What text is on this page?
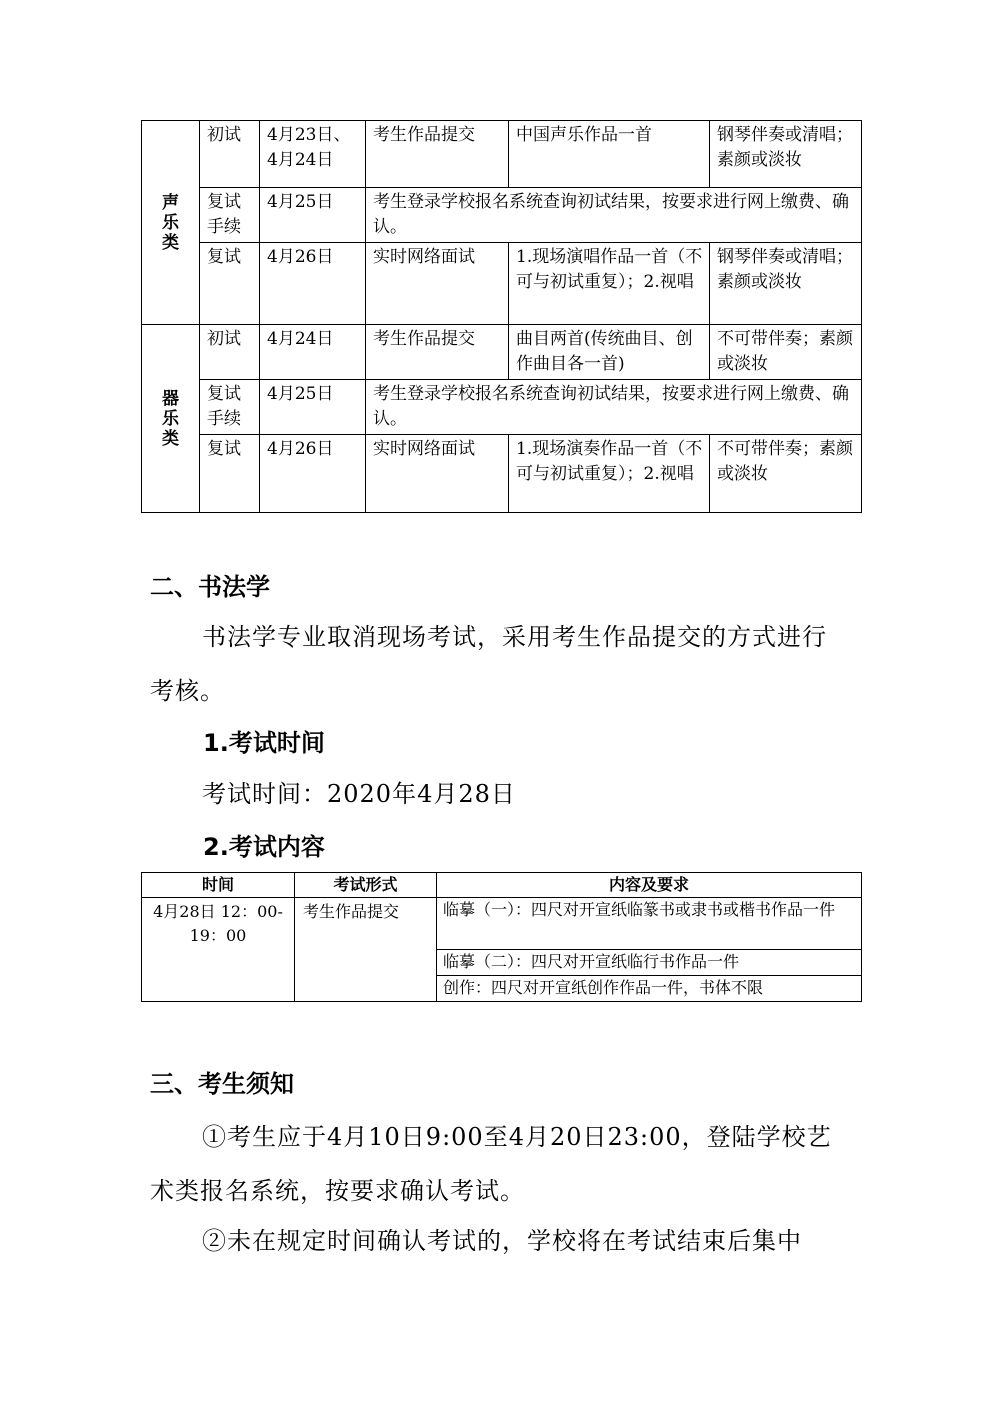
声乐类	初试	4月23日、4月24日	考生作品提交	中国声乐作品一首	钢琴伴奏或清唱；素颜或淡妆
	复试手续	4月25日	考生登录学校报名系统查询初试结果，按要求进行网上缴费、确认。		
	复试	4月26日	实时网络面试	1.现场演唱作品一首（不可与初试重复）；2.视唱	钢琴伴奏或清唱；素颜或淡妆
器乐类	初试	4月24日	考生作品提交	曲目两首(传统曲目、创作曲目各一首)	不可带伴奏；素颜或淡妆
	复试手续	4月25日	考生登录学校报名系统查询初试结果，按要求进行网上缴费、确认。		
	复试	4月26日	实时网络面试	1.现场演奏作品一首（不可与初试重复）；2.视唱	不可带伴奏；素颜或淡妆
二、书法学

书法学专业取消现场考试，采用考生作品提交的方式进行考核。

1.考试时间

考试时间：2020年4月28日

2.考试内容
时间	考试形式	内容及要求
4月28日 12：00-19：00	考生作品提交	临摹（一）：四尺对开宣纸临篆书或隶书或楷书作品一件
		临摹（二）：四尺对开宣纸临行书作品一件
		创作：四尺对开宣纸创作作品一件，书体不限
三、考生须知

①考生应于4月10日9:00至4月20日23:00，登陆学校艺术类报名系统，按要求确认考试。

②未在规定时间确认考试的，学校将在考试结束后集中
